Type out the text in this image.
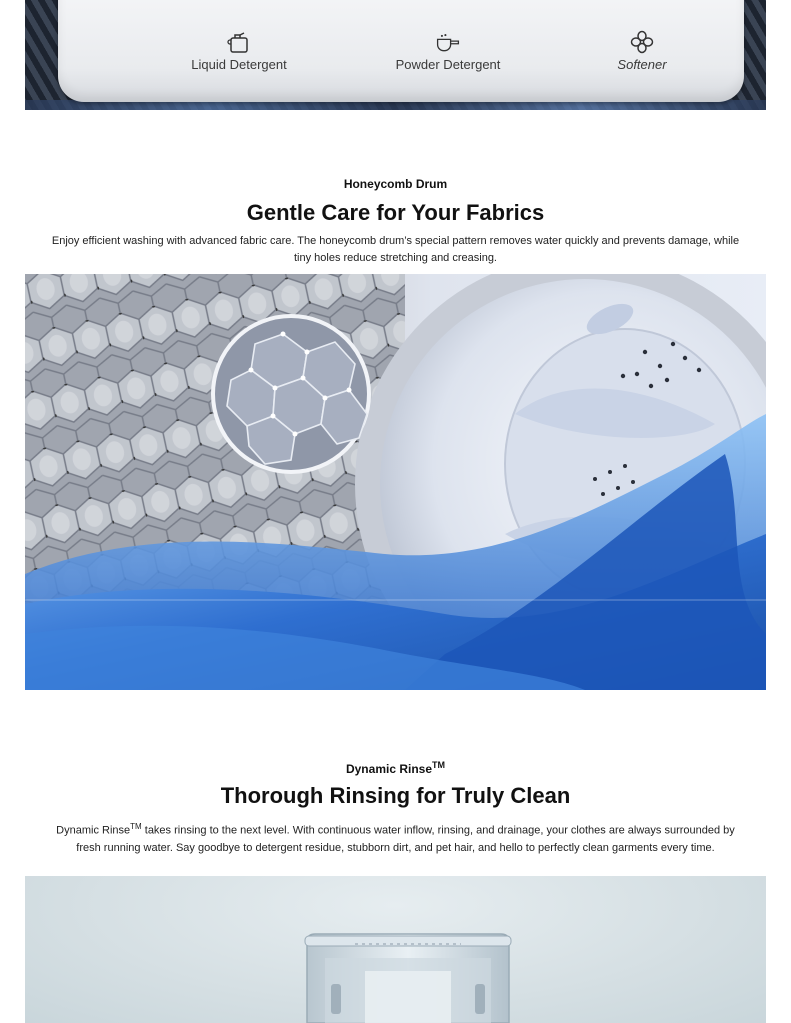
Liquid Detergent	Powder Detergent	Softener
Honeycomb Drum
Gentle Care for Your Fabrics
Enjoy efficient washing with advanced fabric care. The honeycomb drum’s special pattern removes water quickly and prevents damage, while tiny holes reduce stretching and creasing.
Dynamic Rinse™
Thorough Rinsing for Truly Clean
Dynamic Rinse™ takes rinsing to the next level. With continuous water inflow, rinsing, and drainage, your clothes are always surrounded by fresh running water. Say goodbye to detergent residue, stubborn dirt, and pet hair, and hello to perfectly clean garments every time.
